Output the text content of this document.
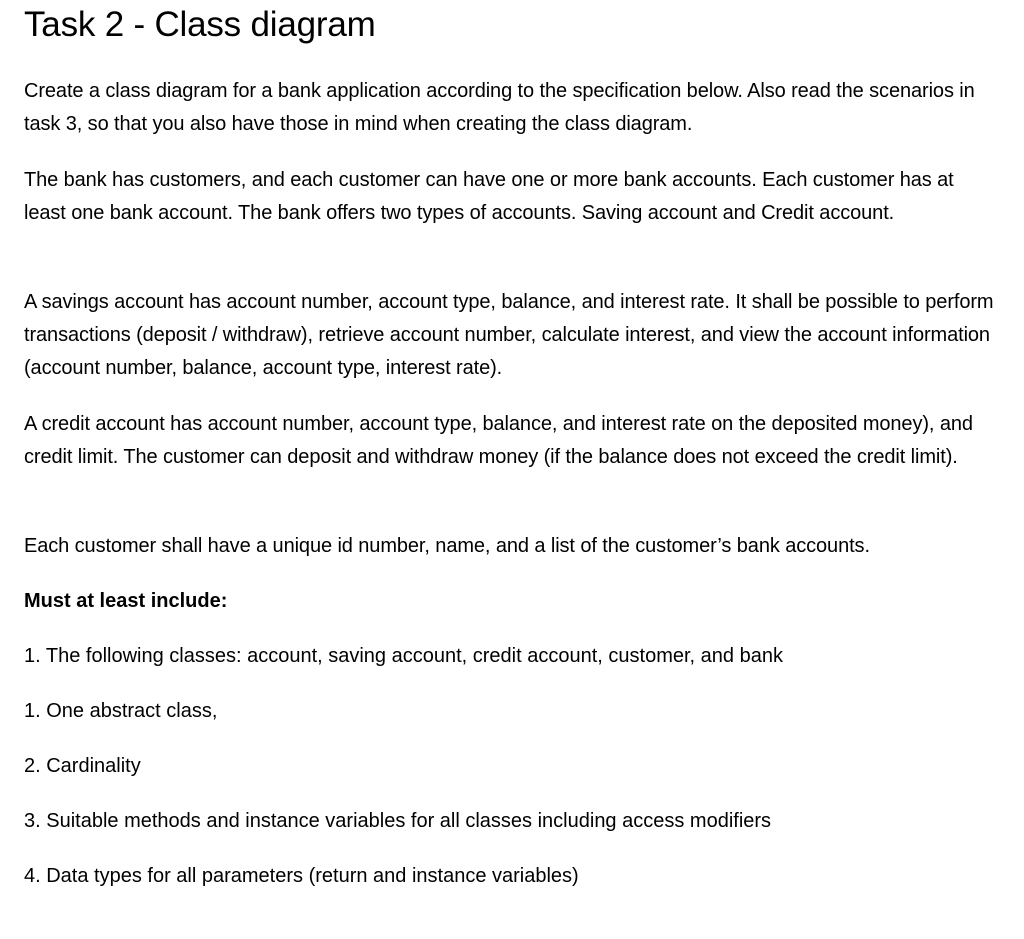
Task 2 - Class diagram

Create a class diagram for a bank application according to the specification below. Also read the scenarios in task 3, so that you also have those in mind when creating the class diagram.

The bank has customers, and each customer can have one or more bank accounts. Each customer has at least one bank account. The bank offers two types of accounts. Saving account and Credit account.

A savings account has account number, account type, balance, and interest rate. It shall be possible to perform transactions (deposit / withdraw), retrieve account number, calculate interest, and view the account information (account number, balance, account type, interest rate).

A credit account has account number, account type, balance, and interest rate on the deposited money), and credit limit. The customer can deposit and withdraw money (if the balance does not exceed the credit limit).

Each customer shall have a unique id number, name, and a list of the customer’s bank accounts.

Must at least include:

1. The following classes: account, saving account, credit account, customer, and bank

1. One abstract class,

2. Cardinality

3. Suitable methods and instance variables for all classes including access modifiers

4. Data types for all parameters (return and instance variables)
